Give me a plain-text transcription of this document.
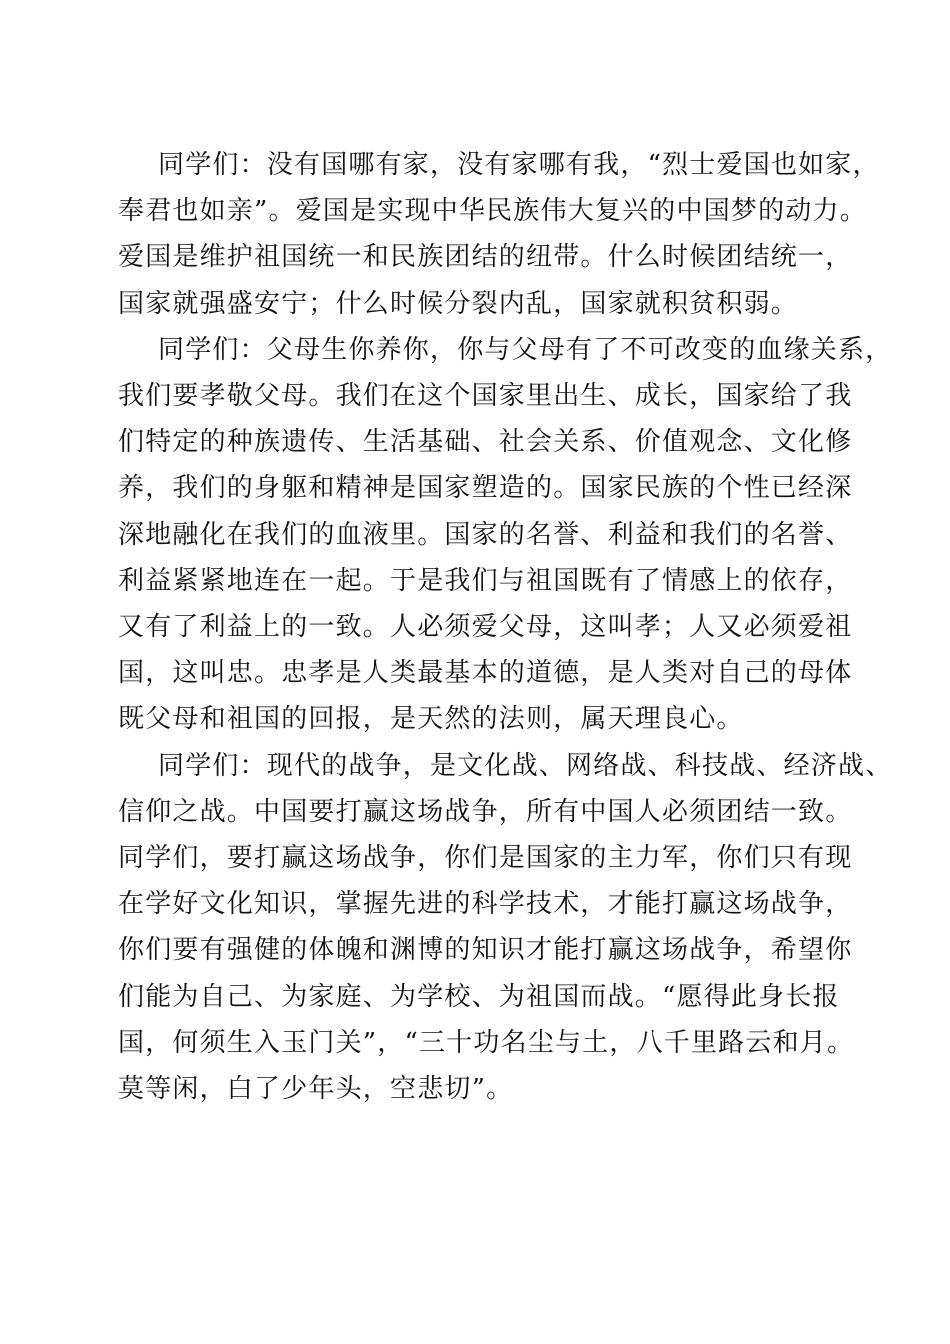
同学们：没有国哪有家，没有家哪有我，“烈士爱国也如家，
奉君也如亲”。爱国是实现中华民族伟大复兴的中国梦的动力。
爱国是维护祖国统一和民族团结的纽带。什么时候团结统一，
国家就强盛安宁；什么时候分裂内乱，国家就积贫积弱。
同学们：父母生你养你，你与父母有了不可改变的血缘关系，
我们要孝敬父母。我们在这个国家里出生、成长，国家给了我
们特定的种族遗传、生活基础、社会关系、价值观念、文化修
养，我们的身躯和精神是国家塑造的。国家民族的个性已经深
深地融化在我们的血液里。国家的名誉、利益和我们的名誉、
利益紧紧地连在一起。于是我们与祖国既有了情感上的依存，
又有了利益上的一致。人必须爱父母，这叫孝；人又必须爱祖
国，这叫忠。忠孝是人类最基本的道德，是人类对自己的母体
既父母和祖国的回报，是天然的法则，属天理良心。
同学们：现代的战争，是文化战、网络战、科技战、经济战、
信仰之战。中国要打赢这场战争，所有中国人必须团结一致。
同学们，要打赢这场战争，你们是国家的主力军，你们只有现
在学好文化知识，掌握先进的科学技术，才能打赢这场战争，
你们要有强健的体魄和渊博的知识才能打赢这场战争，希望你
们能为自己、为家庭、为学校、为祖国而战。“愿得此身长报
国，何须生入玉门关”，“三十功名尘与土，八千里路云和月。
莫等闲，白了少年头，空悲切”。
